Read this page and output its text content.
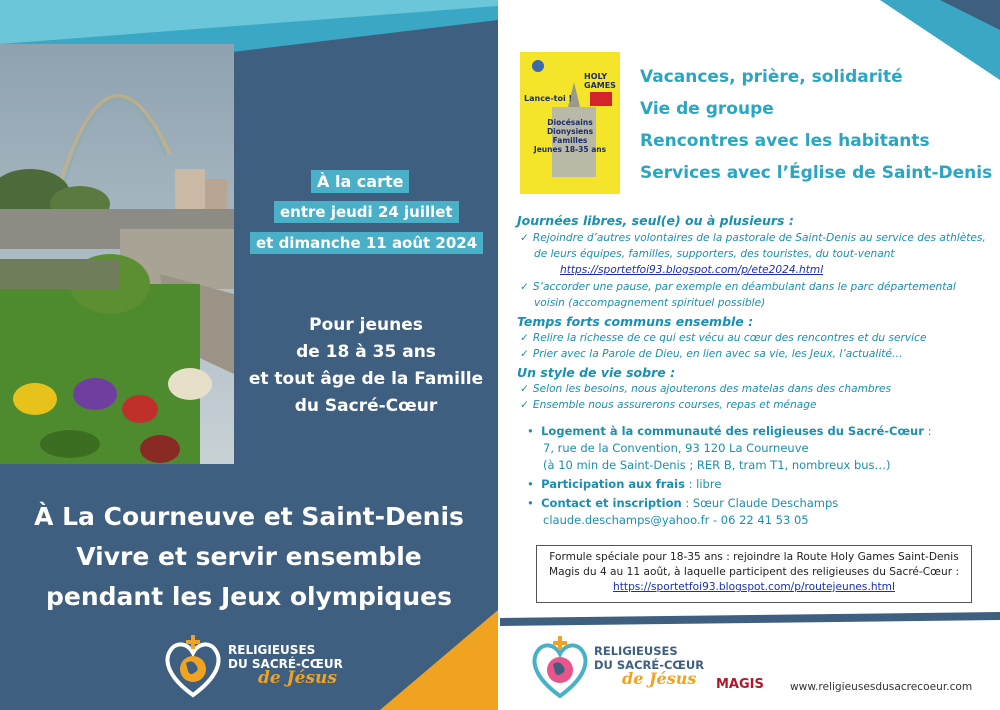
À la carte
entre jeudi 24 juillet
et dimanche 11 août 2024
Pour jeunes
de 18 à 35 ans
et tout âge de la Famille
du Sacré-Cœur
À La Courneuve et Saint-Denis
Vivre et servir ensemble
pendant les Jeux olympiques
RELIGIEUSES
DU SACRÉ-CŒUR
de Jésus
HOLY GAMES
Lance-toi !
Diocésains
Dionysiens
Familles
Jeunes 18-35 ans
Vacances, prière, solidarité
Vie de groupe
Rencontres avec les habitants
Services avec l’Église de Saint-Denis
Journées libres, seul(e) ou à plusieurs :
✓ Rejoindre d’autres volontaires de la pastorale de Saint-Denis au service des athlètes,
de leurs équipes, familles, supporters, des touristes, du tout-venant
https://sportetfoi93.blogspot.com/p/ete2024.html
✓ S’accorder une pause, par exemple en déambulant dans le parc départemental
voisin (accompagnement spirituel possible)
Temps forts communs ensemble :
✓ Relire la richesse de ce qui est vécu au cœur des rencontres et du service
✓ Prier avec la Parole de Dieu, en lien avec sa vie, les Jeux, l’actualité…
Un style de vie sobre :
✓ Selon les besoins, nous ajouterons des matelas dans des chambres
✓ Ensemble nous assurerons courses, repas et ménage
•  Logement à la communauté des religieuses du Sacré-Cœur :
7, rue de la Convention, 93 120 La Courneuve
(à 10 min de Saint-Denis ; RER B, tram T1, nombreux bus…)
•  Participation aux frais : libre
•  Contact et inscription : Sœur Claude Deschamps
claude.deschamps@yahoo.fr - 06 22 41 53 05
Formule spéciale pour 18-35 ans : rejoindre la Route Holy Games Saint-Denis
Magis du 4 au 11 août, à laquelle participent des religieuses du Sacré-Cœur :
https://sportetfoi93.blogspot.com/p/routejeunes.html
RELIGIEUSES
DU SACRÉ-CŒUR
de Jésus	MAGIS www.religieusesdusacrecoeur.com
